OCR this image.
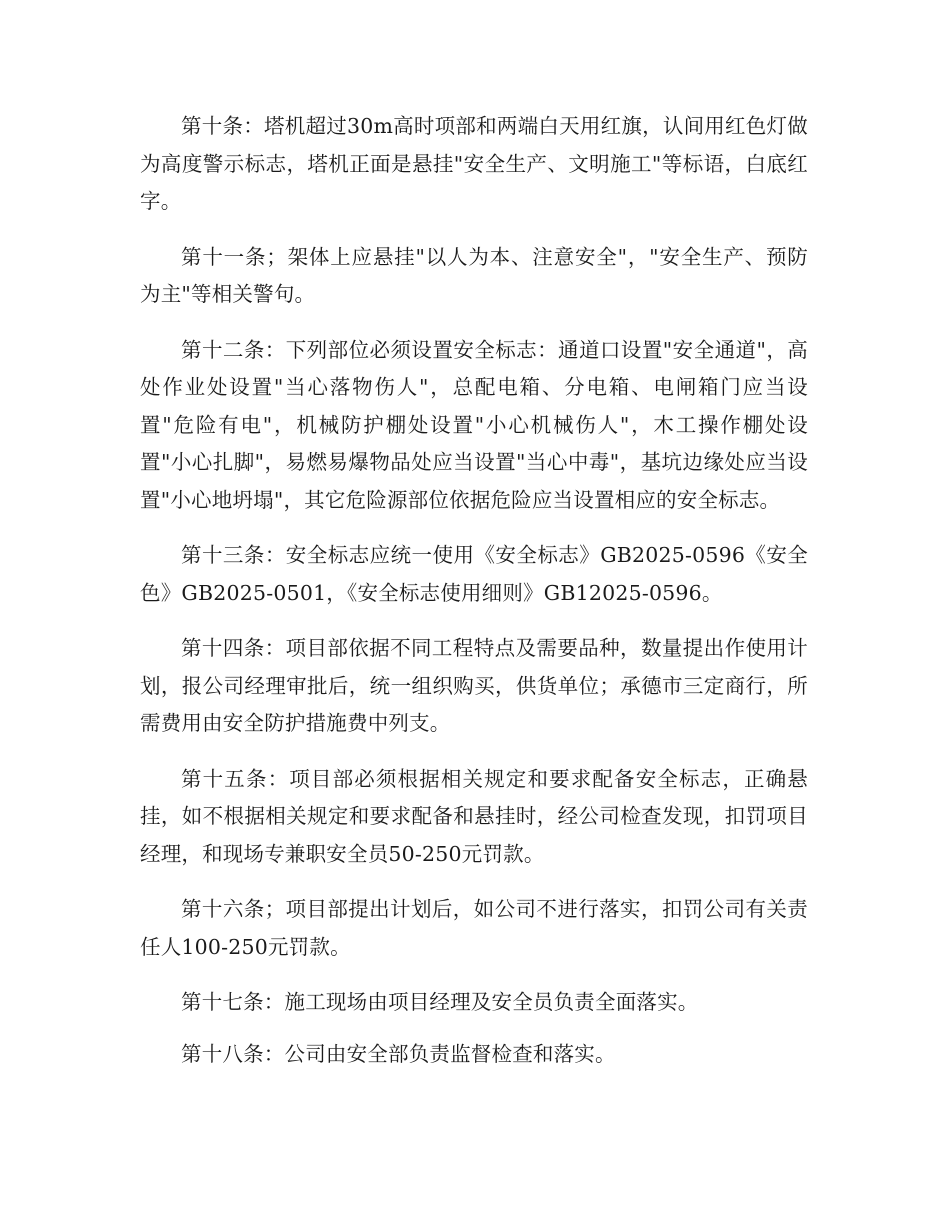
第十条：塔机超过30m高时项部和两端白天用红旗，认间用红色灯做为高度警示标志，塔机正面是悬挂"安全生产、文明施工"等标语，白底红字。

第十一条；架体上应悬挂"以人为本、注意安全"，"安全生产、预防为主"等相关警句。

第十二条：下列部位必须设置安全标志：通道口设置"安全通道"，高处作业处设置"当心落物伤人"，总配电箱、分电箱、电闸箱门应当设置"危险有电"，机械防护棚处设置"小心机械伤人"，木工操作棚处设置"小心扎脚"，易燃易爆物品处应当设置"当心中毒"，基坑边缘处应当设置"小心地坍塌"，其它危险源部位依据危险应当设置相应的安全标志。

第十三条：安全标志应统一使用《安全标志》GB2025-0596《安全色》GB2025-0501，《安全标志使用细则》GB12025-0596。

第十四条：项目部依据不同工程特点及需要品种，数量提出作使用计划，报公司经理审批后，统一组织购买，供货单位；承德市三定商行，所需费用由安全防护措施费中列支。

第十五条：项目部必须根据相关规定和要求配备安全标志，正确悬挂，如不根据相关规定和要求配备和悬挂时，经公司检查发现，扣罚项目经理，和现场专兼职安全员50-250元罚款。

第十六条；项目部提出计划后，如公司不进行落实，扣罚公司有关责任人100-250元罚款。

第十七条：施工现场由项目经理及安全员负责全面落实。

第十八条：公司由安全部负责监督检查和落实。
